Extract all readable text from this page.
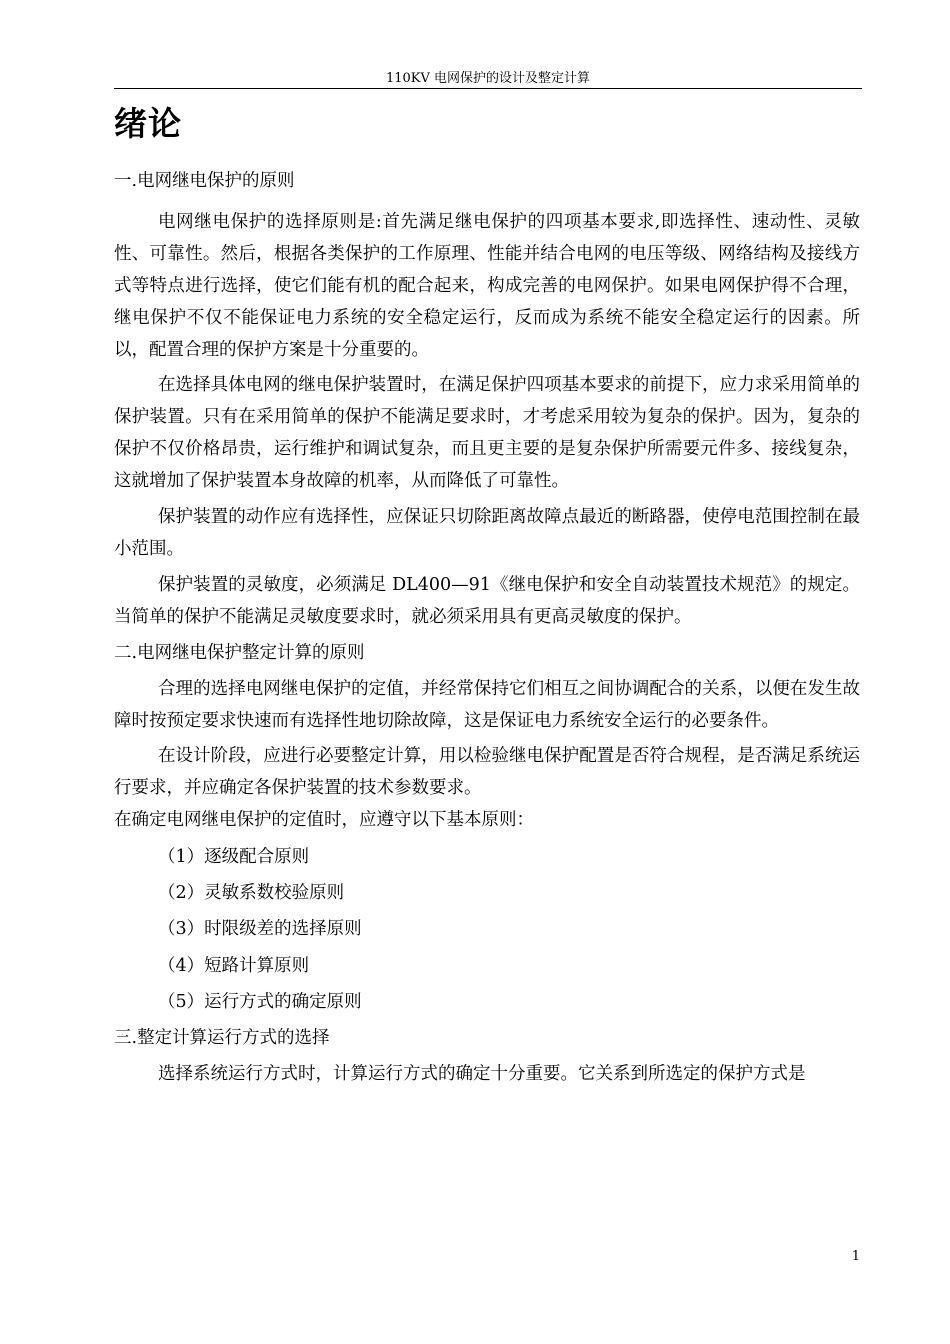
110KV 电网保护的设计及整定计算
绪论

一.电网继电保护的原则

电网继电保护的选择原则是:首先满足继电保护的四项基本要求,即选择性、速动性、灵敏性、可靠性。然后，根据各类保护的工作原理、性能并结合电网的电压等级、网络结构及接线方式等特点进行选择，使它们能有机的配合起来，构成完善的电网保护。如果电网保护得不合理，继电保护不仅不能保证电力系统的安全稳定运行，反而成为系统不能安全稳定运行的因素。所以，配置合理的保护方案是十分重要的。

在选择具体电网的继电保护装置时，在满足保护四项基本要求的前提下，应力求采用简单的保护装置。只有在采用简单的保护不能满足要求时，才考虑采用较为复杂的保护。因为，复杂的保护不仅价格昂贵，运行维护和调试复杂，而且更主要的是复杂保护所需要元件多、接线复杂，这就增加了保护装置本身故障的机率，从而降低了可靠性。

保护装置的动作应有选择性，应保证只切除距离故障点最近的断路器，使停电范围控制在最小范围。

保护装置的灵敏度，必须满足 DL400—91《继电保护和安全自动装置技术规范》的规定。当简单的保护不能满足灵敏度要求时，就必须采用具有更高灵敏度的保护。

二.电网继电保护整定计算的原则

合理的选择电网继电保护的定值，并经常保持它们相互之间协调配合的关系，以便在发生故障时按预定要求快速而有选择性地切除故障，这是保证电力系统安全运行的必要条件。

在设计阶段，应进行必要整定计算，用以检验继电保护配置是否符合规程，是否满足系统运行要求，并应确定各保护装置的技术参数要求。

在确定电网继电保护的定值时，应遵守以下基本原则：

（1）逐级配合原则

（2）灵敏系数校验原则

（3）时限级差的选择原则

（4）短路计算原则

（5）运行方式的确定原则

三.整定计算运行方式的选择

选择系统运行方式时，计算运行方式的确定十分重要。它关系到所选定的保护方式是

1
